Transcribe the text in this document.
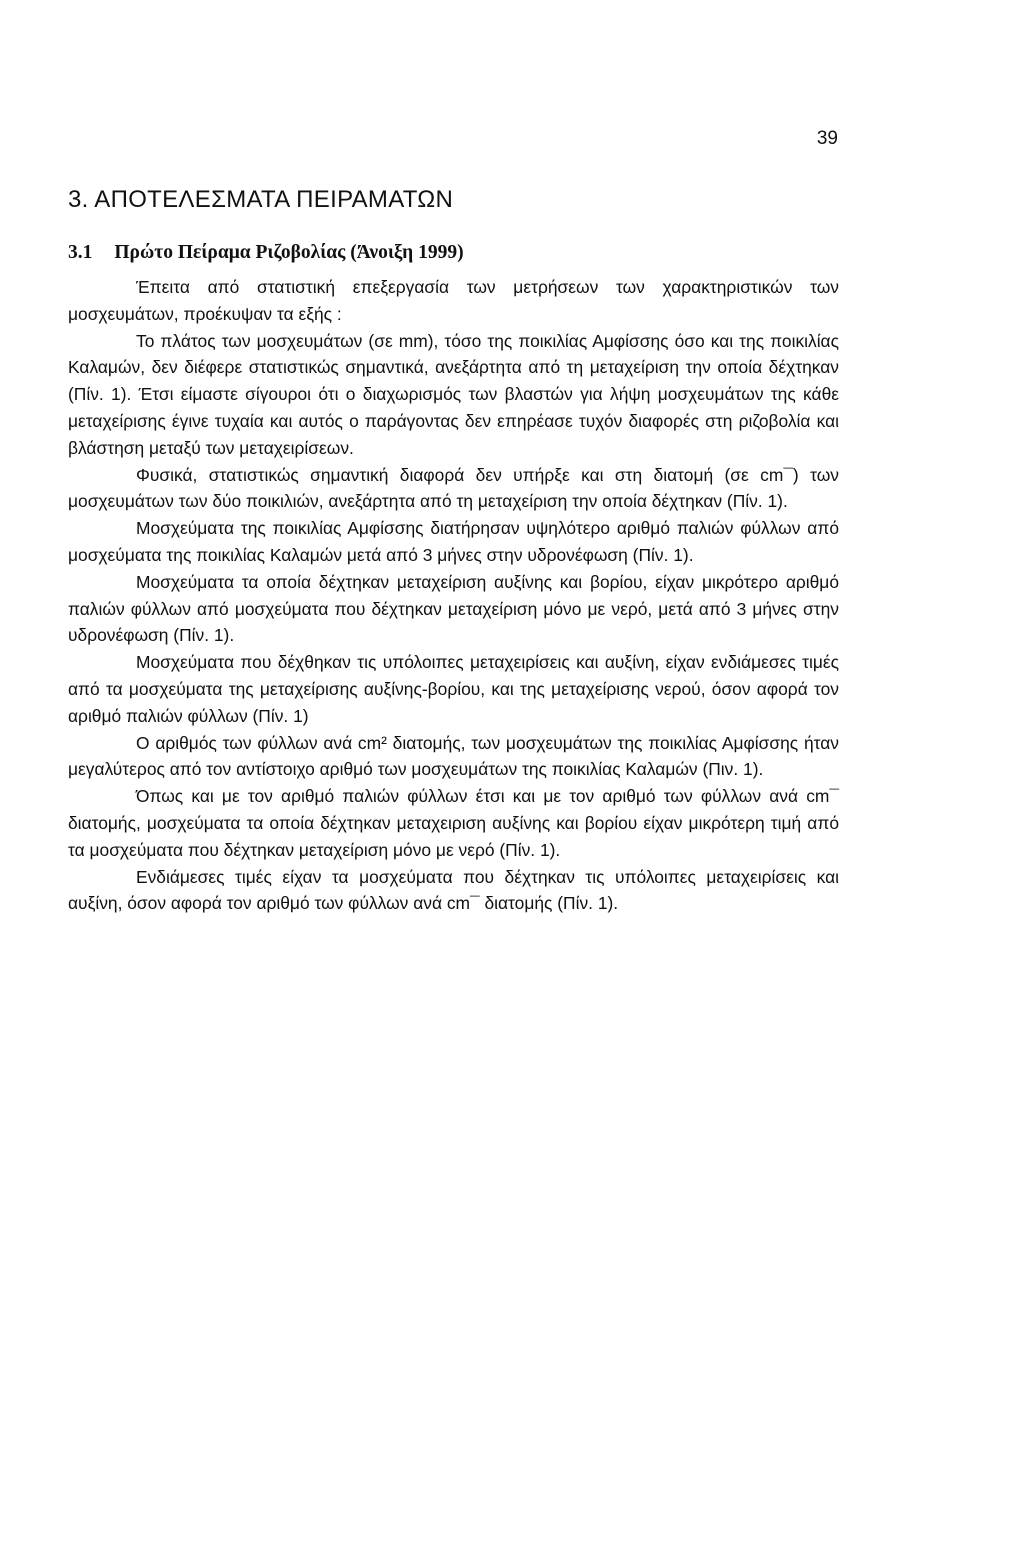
39
3. ΑΠΟΤΕΛΕΣΜΑΤΑ ΠΕΙΡΑΜΑΤΩΝ
3.1 Πρώτο Πείραμα Ριζοβολίας (Άνοιξη 1999)

Έπειτα από στατιστική επεξεργασία των μετρήσεων των χαρακτηριστικών των μοσχευμάτων, προέκυψαν τα εξής :

Το πλάτος των μοσχευμάτων (σε mm), τόσο της ποικιλίας Αμφίσσης όσο και της ποικιλίας Καλαμών, δεν διέφερε στατιστικώς σημαντικά, ανεξάρτητα από τη μεταχείριση την οποία δέχτηκαν (Πίν. 1). Έτσι είμαστε σίγουροι ότι ο διαχωρισμός των βλαστών για λήψη μοσχευμάτων της κάθε μεταχείρισης έγινε τυχαία και αυτός ο παράγοντας δεν επηρέασε τυχόν διαφορές στη ριζοβολία και βλάστηση μεταξύ των μεταχειρίσεων.

Φυσικά, στατιστικώς σημαντική διαφορά δεν υπήρξε και στη διατομή (σε cm¯) των μοσχευμάτων των δύο ποικιλιών, ανεξάρτητα από τη μεταχείριση την οποία δέχτηκαν (Πίν. 1).

Μοσχεύματα της ποικιλίας Αμφίσσης διατήρησαν υψηλότερο αριθμό παλιών φύλλων από μοσχεύματα της ποικιλίας Καλαμών μετά από 3 μήνες στην υδρονέφωση (Πίν. 1).

Μοσχεύματα τα οποία δέχτηκαν μεταχείριση αυξίνης και βορίου, είχαν μικρότερο αριθμό παλιών φύλλων από μοσχεύματα που δέχτηκαν μεταχείριση μόνο με νερό, μετά από 3 μήνες στην υδρονέφωση (Πίν. 1).

Μοσχεύματα που δέχθηκαν τις υπόλοιπες μεταχειρίσεις και αυξίνη, είχαν ενδιάμεσες τιμές από τα μοσχεύματα της μεταχείρισης αυξίνης-βορίου, και της μεταχείρισης νερού, όσον αφορά τον αριθμό παλιών φύλλων (Πίν. 1)

Ο αριθμός των φύλλων ανά cm² διατομής, των μοσχευμάτων της ποικιλίας Αμφίσσης ήταν μεγαλύτερος από τον αντίστοιχο αριθμό των μοσχευμάτων της ποικιλίας Καλαμών (Πιν. 1).

Όπως και με τον αριθμό παλιών φύλλων έτσι και με τον αριθμό των φύλλων ανά cm¯ διατομής, μοσχεύματα τα οποία δέχτηκαν μεταχειριση αυξίνης και βορίου είχαν μικρότερη τιμή από τα μοσχεύματα που δέχτηκαν μεταχείριση μόνο με νερό (Πίν. 1).

Ενδιάμεσες τιμές είχαν τα μοσχεύματα που δέχτηκαν τις υπόλοιπες μεταχειρίσεις και αυξίνη, όσον αφορά τον αριθμό των φύλλων ανά cm¯ διατομής (Πίν. 1).
